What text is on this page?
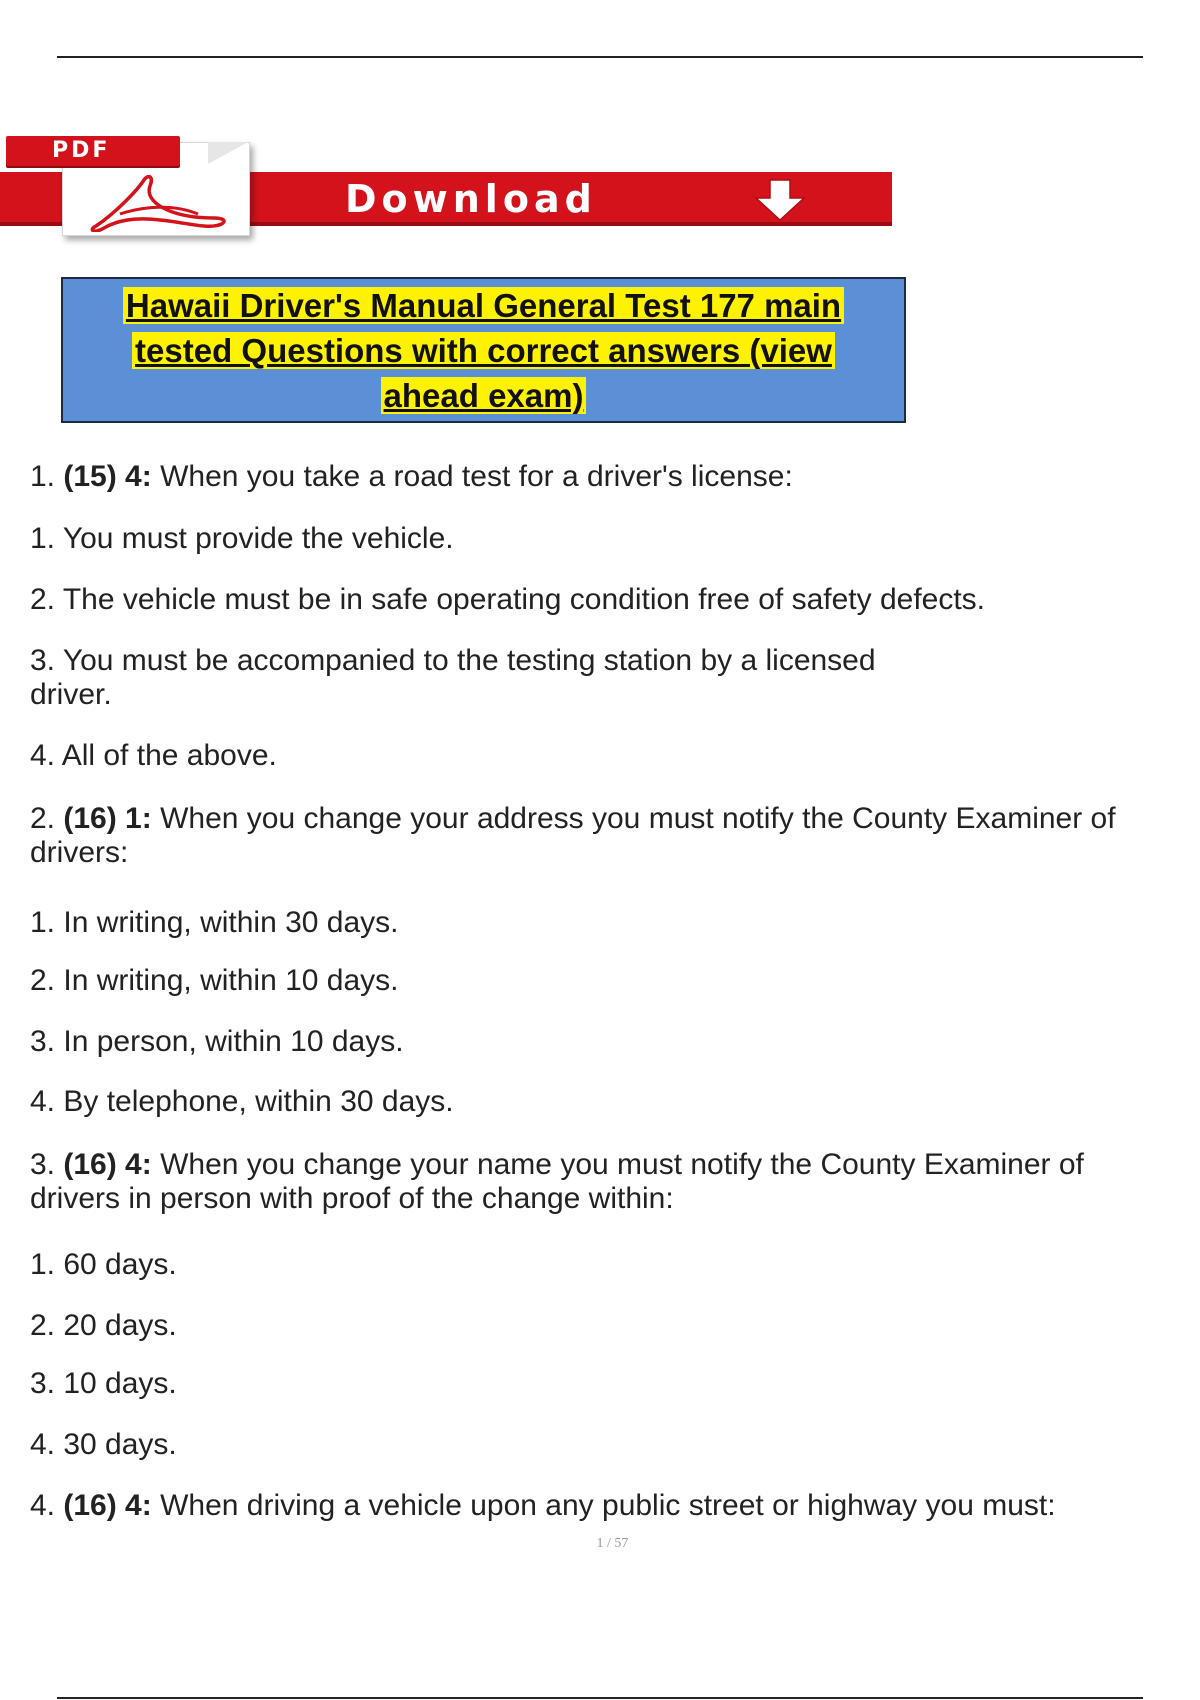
Download
PDF
Hawaii Driver's Manual General Test 177 main tested Questions with correct answers (view ahead exam)
1. (15) 4: When you take a road test for a driver's license:
1. You must provide the vehicle.
2. The vehicle must be in safe operating condition free of safety defects.
3. You must be accompanied to the testing station by a licensed driver.
4. All of the above.
2. (16) 1: When you change your address you must notify the County Examiner of drivers:
1. In writing, within 30 days.
2. In writing, within 10 days.
3. In person, within 10 days.
4. By telephone, within 30 days.
3. (16) 4: When you change your name you must notify the County Examiner of drivers in person with proof of the change within:
1. 60 days.
2. 20 days.
3. 10 days.
4. 30 days.
4. (16) 4: When driving a vehicle upon any public street or highway you must:
1 / 57
